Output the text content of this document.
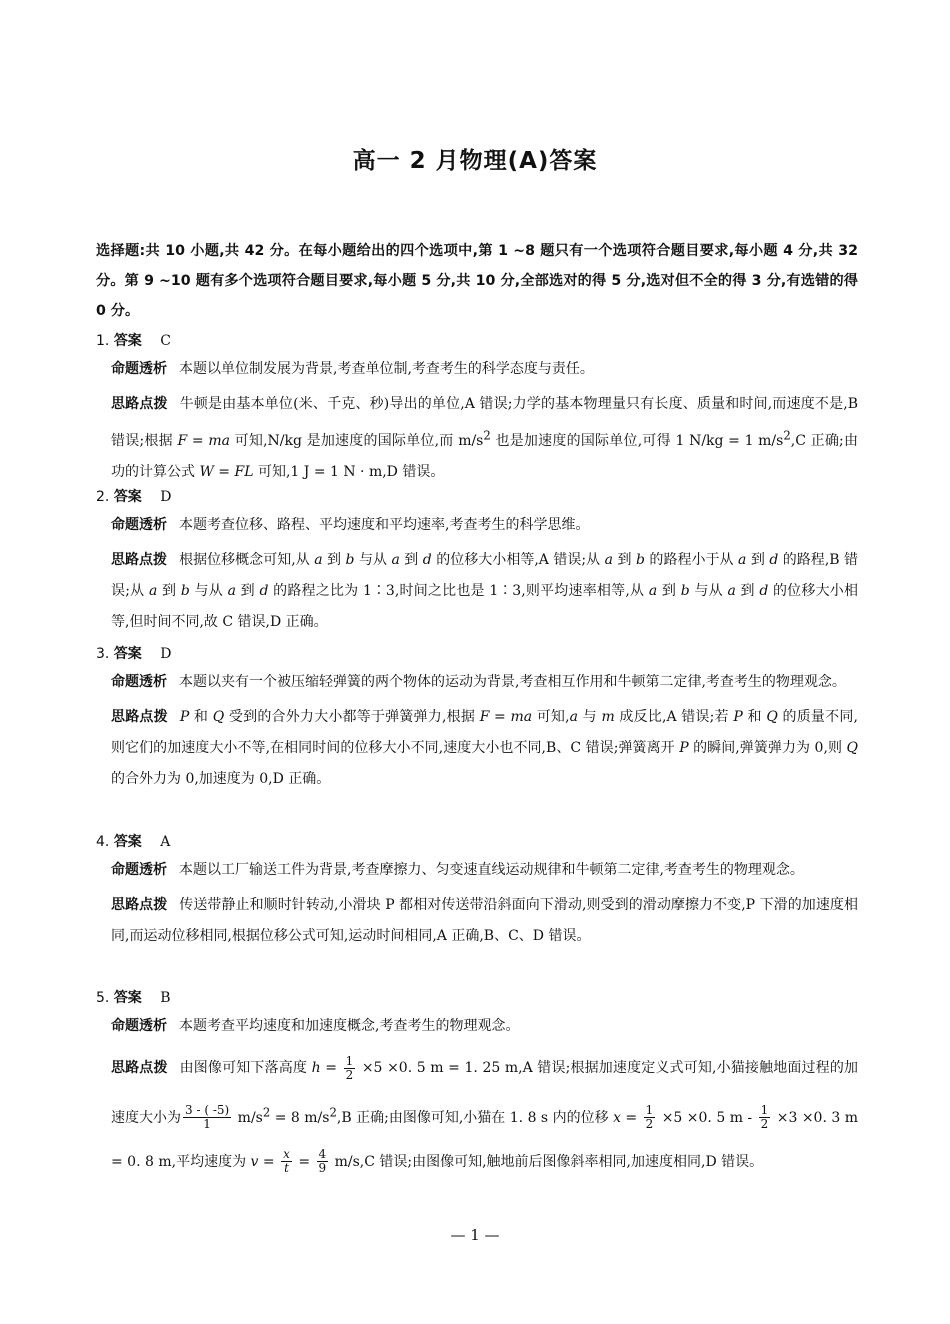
高一 2 月物理(A)答案
选择题:共 10 小题,共 42 分。在每小题给出的四个选项中,第 1 ~8 题只有一个选项符合题目要求,每小题 4 分,共 32 分。第 9 ~10 题有多个选项符合题目要求,每小题 5 分,共 10 分,全部选对的得 5 分,选对但不全的得 3 分,有选错的得 0 分。
1. 答案 C
命题透析 本题以单位制发展为背景,考查单位制,考查考生的科学态度与责任。
思路点拨 牛顿是由基本单位(米、千克、秒)导出的单位,A 错误;力学的基本物理量只有长度、质量和时间,而速度不是,B 错误;根据 F = ma 可知,N/kg 是加速度的国际单位,而 $m/s^2$ 也是加速度的国际单位,可得 1 N/kg = 1 $m/s^2,C$ 正确;由功的计算公式 W = FL 可知,1 J = 1 N · m,D 错误。
2. 答案 D
命题透析 本题考查位移、路程、平均速度和平均速率,考查考生的科学思维。
思路点拨 根据位移概念可知,从 a 到 b 与从 a 到 d 的位移大小相等,A 错误;从 a 到 b 的路程小于从 a 到 d 的路程,B 错误;从 a 到 b 与从 a 到 d 的路程之比为 1∶3,时间之比也是 1∶3,则平均速率相等,从 a 到 b 与从 a 到 d 的位移大小相等,但时间不同,故 C 错误,D 正确。
3. 答案 D
命题透析 本题以夹有一个被压缩轻弹簧的两个物体的运动为背景,考查相互作用和牛顿第二定律,考查考生的物理观念。
思路点拨 P 和 Q 受到的合外力大小都等于弹簧弹力,根据 F = ma 可知,a 与 m 成反比,A 错误;若 P 和 Q 的质量不同,则它们的加速度大小不等,在相同时间的位移大小不同,速度大小也不同,B、C 错误;弹簧离开 P 的瞬间,弹簧弹力为 0,则 Q 的合外力为 0,加速度为 0,D 正确。
4. 答案 A
命题透析 本题以工厂输送工件为背景,考查摩擦力、匀变速直线运动规律和牛顿第二定律,考查考生的物理观念。
思路点拨 传送带静止和顺时针转动,小滑块 P 都相对传送带沿斜面向下滑动,则受到的滑动摩擦力不变,P 下滑的加速度相同,而运动位移相同,根据位移公式可知,运动时间相同,A 正确,B、C、D 错误。
5. 答案 B
命题透析 本题考查平均速度和加速度概念,考查考生的物理观念。
思路点拨 由图像可知下落高度 $h = \frac{1}{2} \times 5 \times 0$. 5 m = 1. 25 m,A 错误;根据加速度定义式可知,小猫接触地面过程的加速度大小为 $\frac{3 - ( -5)}{1} m/s^2 = 8$ $m/s^2,B$ 正确;由图像可知,小猫在 1. 8 s 内的位移 $x = \frac{1}{2} \times 5 \times 0$. 5 $m - \frac{1}{2} \times 3 \times 0$. 3 m = 0. 8 m,平均速度为 $v = \frac{x}{t} = \frac{4}{9} m/s,C$ 错误;由图像可知,触地前后图像斜率相同,加速度相同,D 错误。
— 1 —
